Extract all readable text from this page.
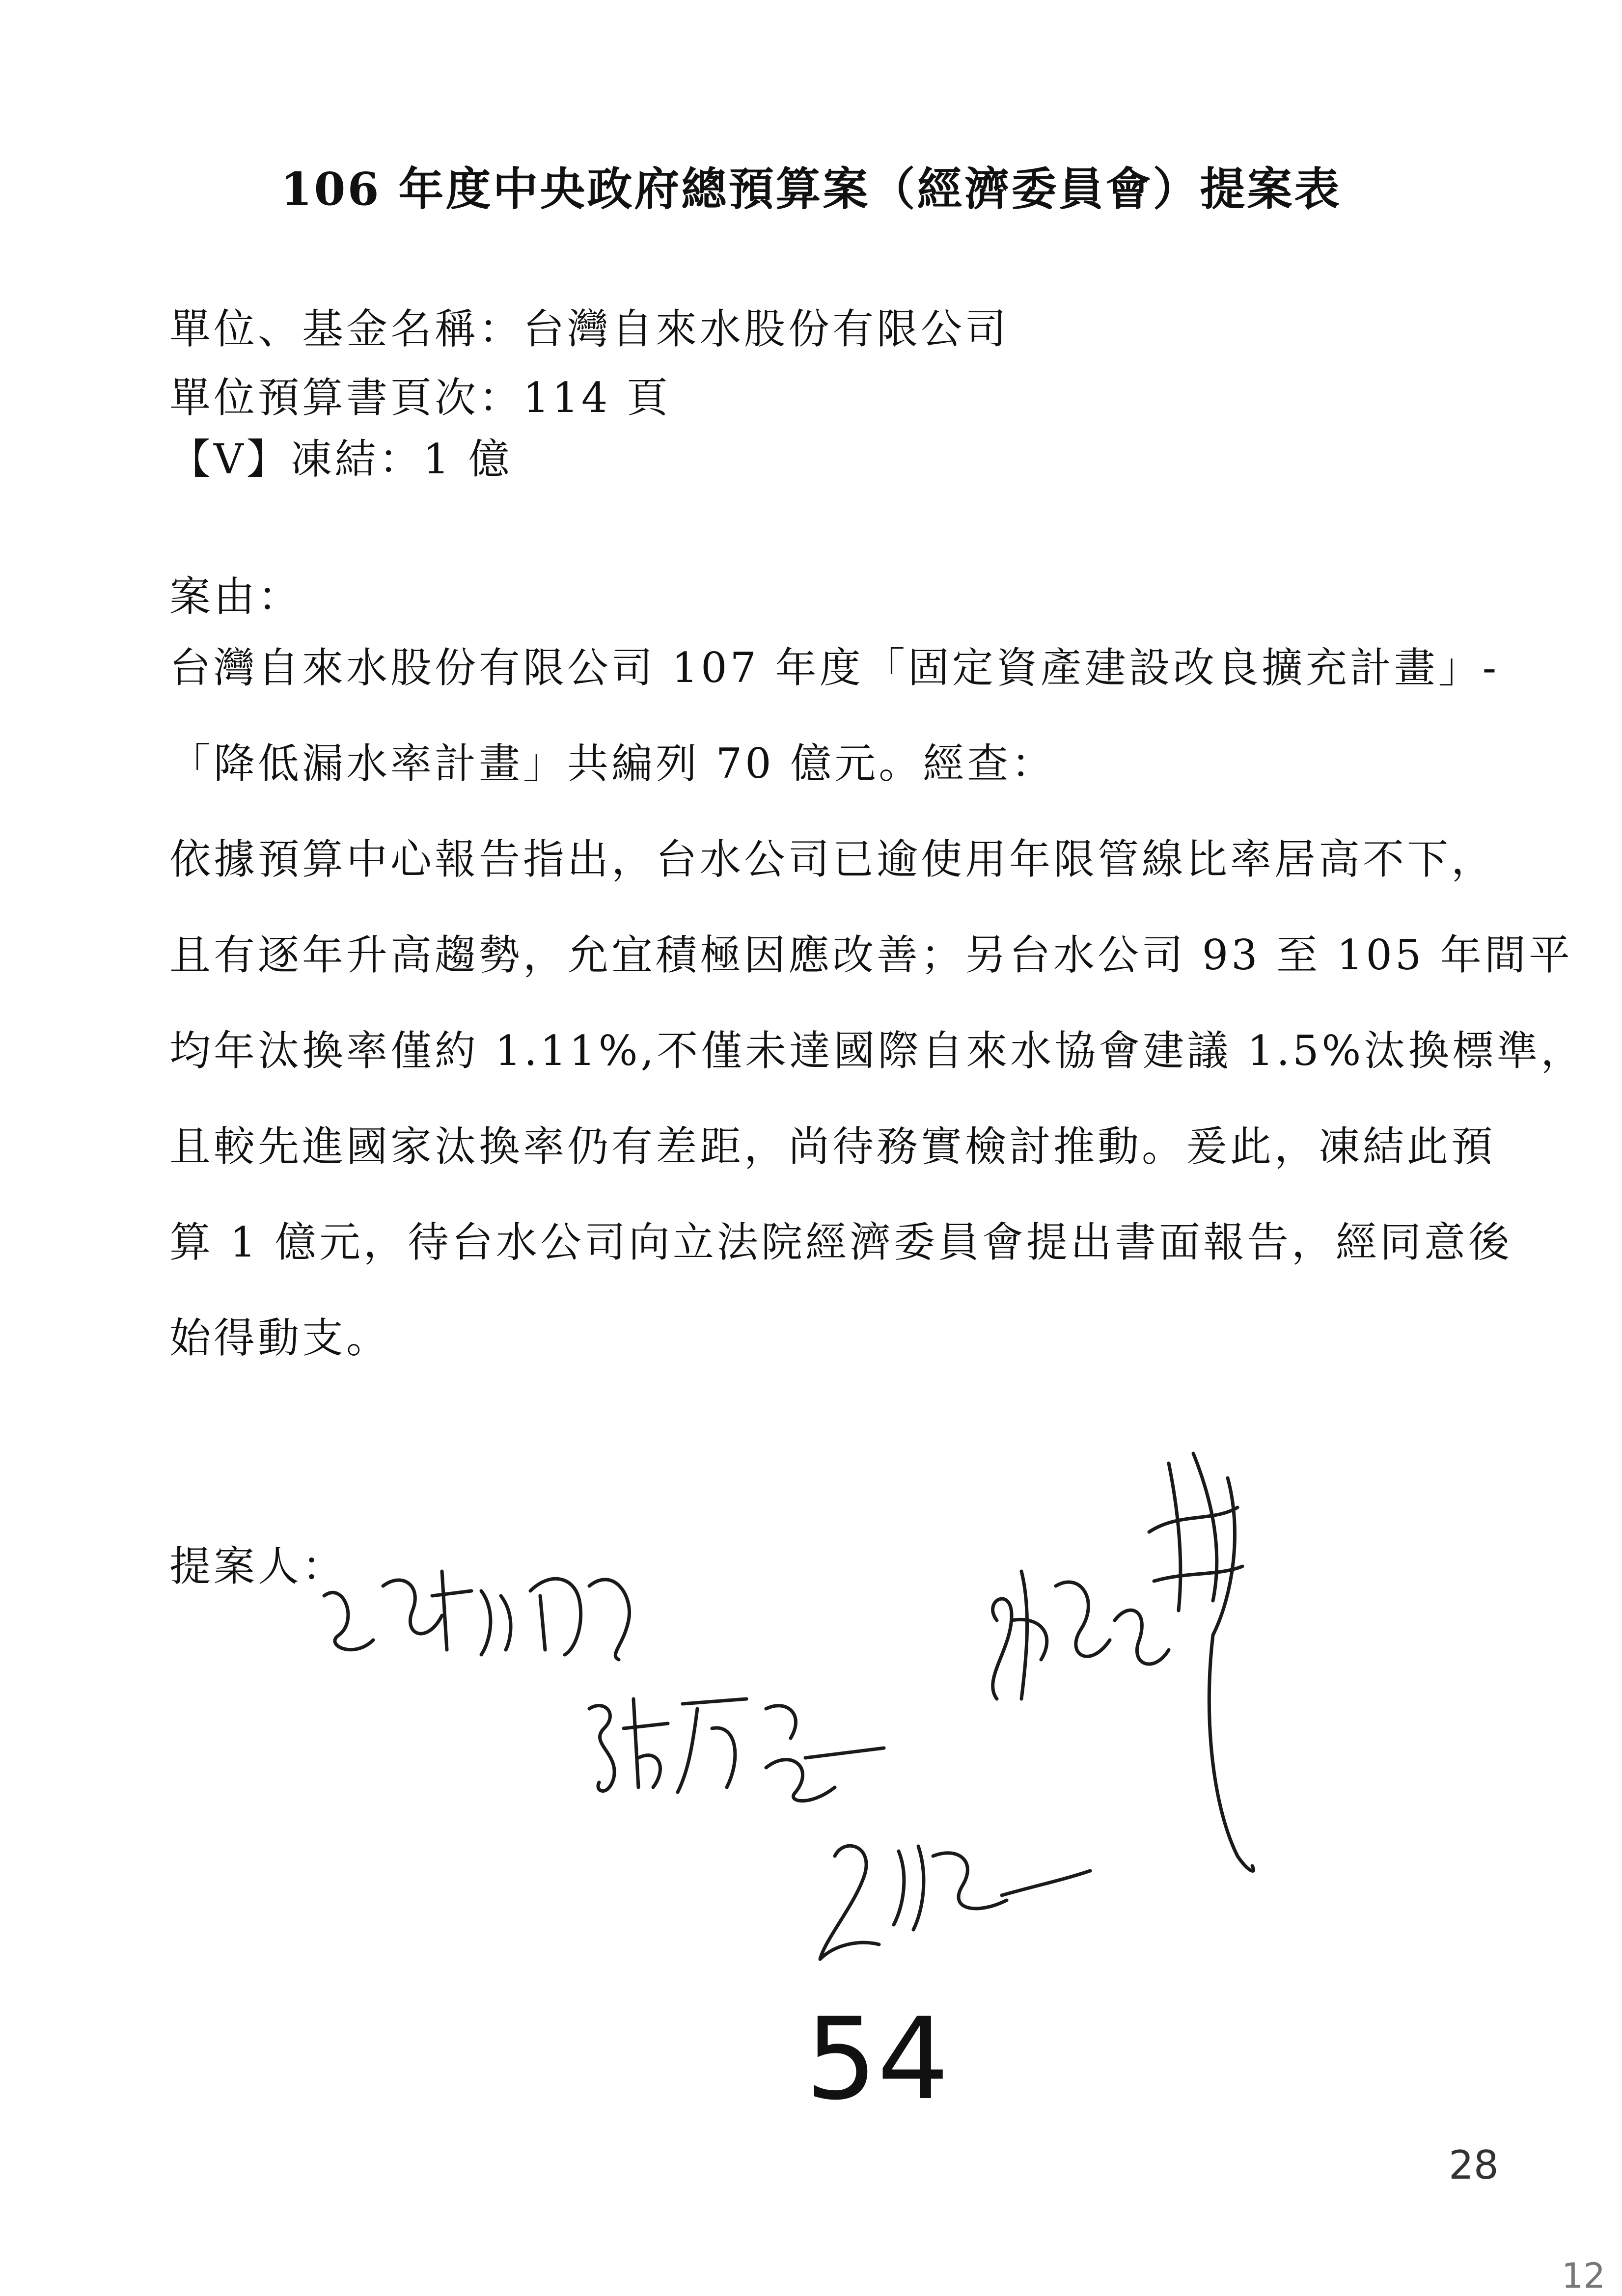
106 年度中央政府總預算案（經濟委員會）提案表
單位、基金名稱：台灣自來水股份有限公司
單位預算書頁次：114 頁
【V】凍結：1 億
案由：
台灣自來水股份有限公司 107 年度「固定資產建設改良擴充計畫」-
「降低漏水率計畫」共編列 70 億元。經查：
依據預算中心報告指出，台水公司已逾使用年限管線比率居高不下，
且有逐年升高趨勢，允宜積極因應改善；另台水公司 93 至 105 年間平
均年汰換率僅約 1.11%,不僅未達國際自來水協會建議 1.5%汰換標準，
且較先進國家汰換率仍有差距，尚待務實檢討推動。爰此，凍結此預
算 1 億元，待台水公司向立法院經濟委員會提出書面報告，經同意後
始得動支。
提案人：
54
28
12
